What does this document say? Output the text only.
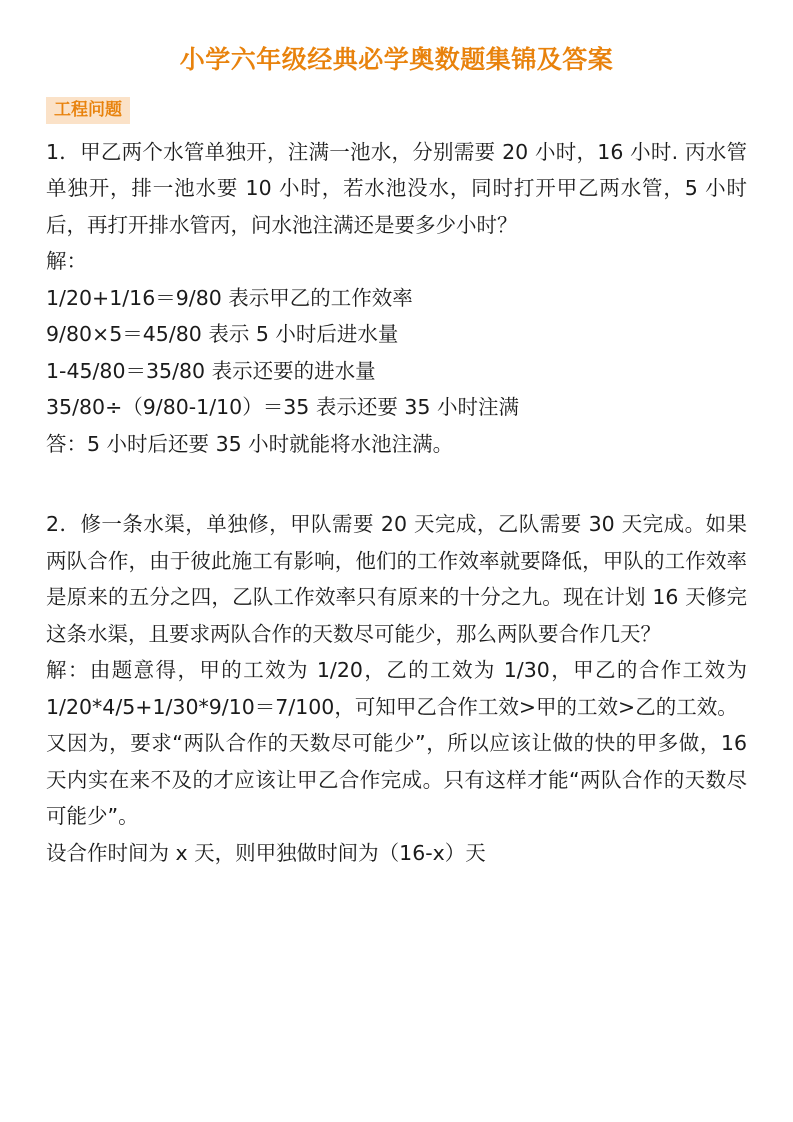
小学六年级经典必学奥数题集锦及答案
工程问题
1．甲乙两个水管单独开，注满一池水，分别需要 20 小时，16 小时. 丙水管单独开，排一池水要 10 小时，若水池没水，同时打开甲乙两水管，5 小时后，再打开排水管丙，问水池注满还是要多少小时？
解：
1/20+1/16＝9/80 表示甲乙的工作效率
9/80×5＝45/80 表示 5 小时后进水量
1-45/80＝35/80 表示还要的进水量
35/80÷（9/80-1/10）＝35 表示还要 35 小时注满
答：5 小时后还要 35 小时就能将水池注满。
2．修一条水渠，单独修，甲队需要 20 天完成，乙队需要 30 天完成。如果两队合作，由于彼此施工有影响，他们的工作效率就要降低，甲队的工作效率是原来的五分之四，乙队工作效率只有原来的十分之九。现在计划 16 天修完这条水渠，且要求两队合作的天数尽可能少，那么两队要合作几天？
解：由题意得，甲的工效为 1/20，乙的工效为 1/30，甲乙的合作工效为 1/20*4/5+1/30*9/10＝7/100，可知甲乙合作工效>甲的工效>乙的工效。
又因为，要求“两队合作的天数尽可能少”，所以应该让做的快的甲多做，16 天内实在来不及的才应该让甲乙合作完成。只有这样才能“两队合作的天数尽可能少”。
设合作时间为 x 天，则甲独做时间为（16-x）天
